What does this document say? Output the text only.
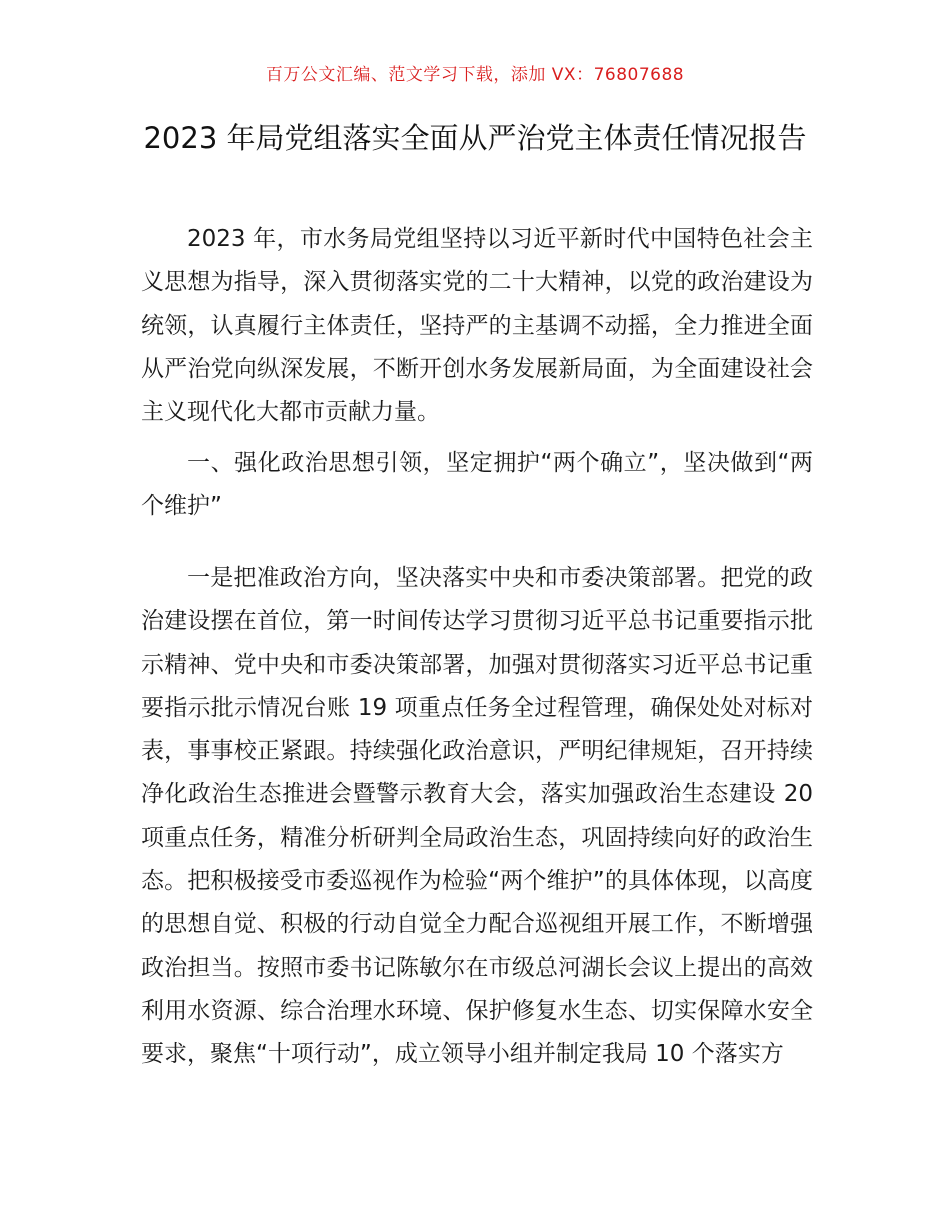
百万公文汇编、范文学习下载，添加 VX：76807688
2023 年局党组落实全面从严治党主体责任情况报告

2023 年，市水务局党组坚持以习近平新时代中国特色社会主义思想为指导，深入贯彻落实党的二十大精神，以党的政治建设为统领，认真履行主体责任，坚持严的主基调不动摇，全力推进全面从严治党向纵深发展，不断开创水务发展新局面，为全面建设社会主义现代化大都市贡献力量。

一、强化政治思想引领，坚定拥护“两个确立”，坚决做到“两个维护”

一是把准政治方向，坚决落实中央和市委决策部署。把党的政治建设摆在首位，第一时间传达学习贯彻习近平总书记重要指示批示精神、党中央和市委决策部署，加强对贯彻落实习近平总书记重要指示批示情况台账 19 项重点任务全过程管理，确保处处对标对表，事事校正紧跟。持续强化政治意识，严明纪律规矩，召开持续净化政治生态推进会暨警示教育大会，落实加强政治生态建设 20 项重点任务，精准分析研判全局政治生态，巩固持续向好的政治生态。把积极接受市委巡视作为检验“两个维护”的具体体现，以高度的思想自觉、积极的行动自觉全力配合巡视组开展工作，不断增强政治担当。按照市委书记陈敏尔在市级总河湖长会议上提出的高效利用水资源、综合治理水环境、保护修复水生态、切实保障水安全要求，聚焦“十项行动”，成立领导小组并制定我局 10 个落实方
